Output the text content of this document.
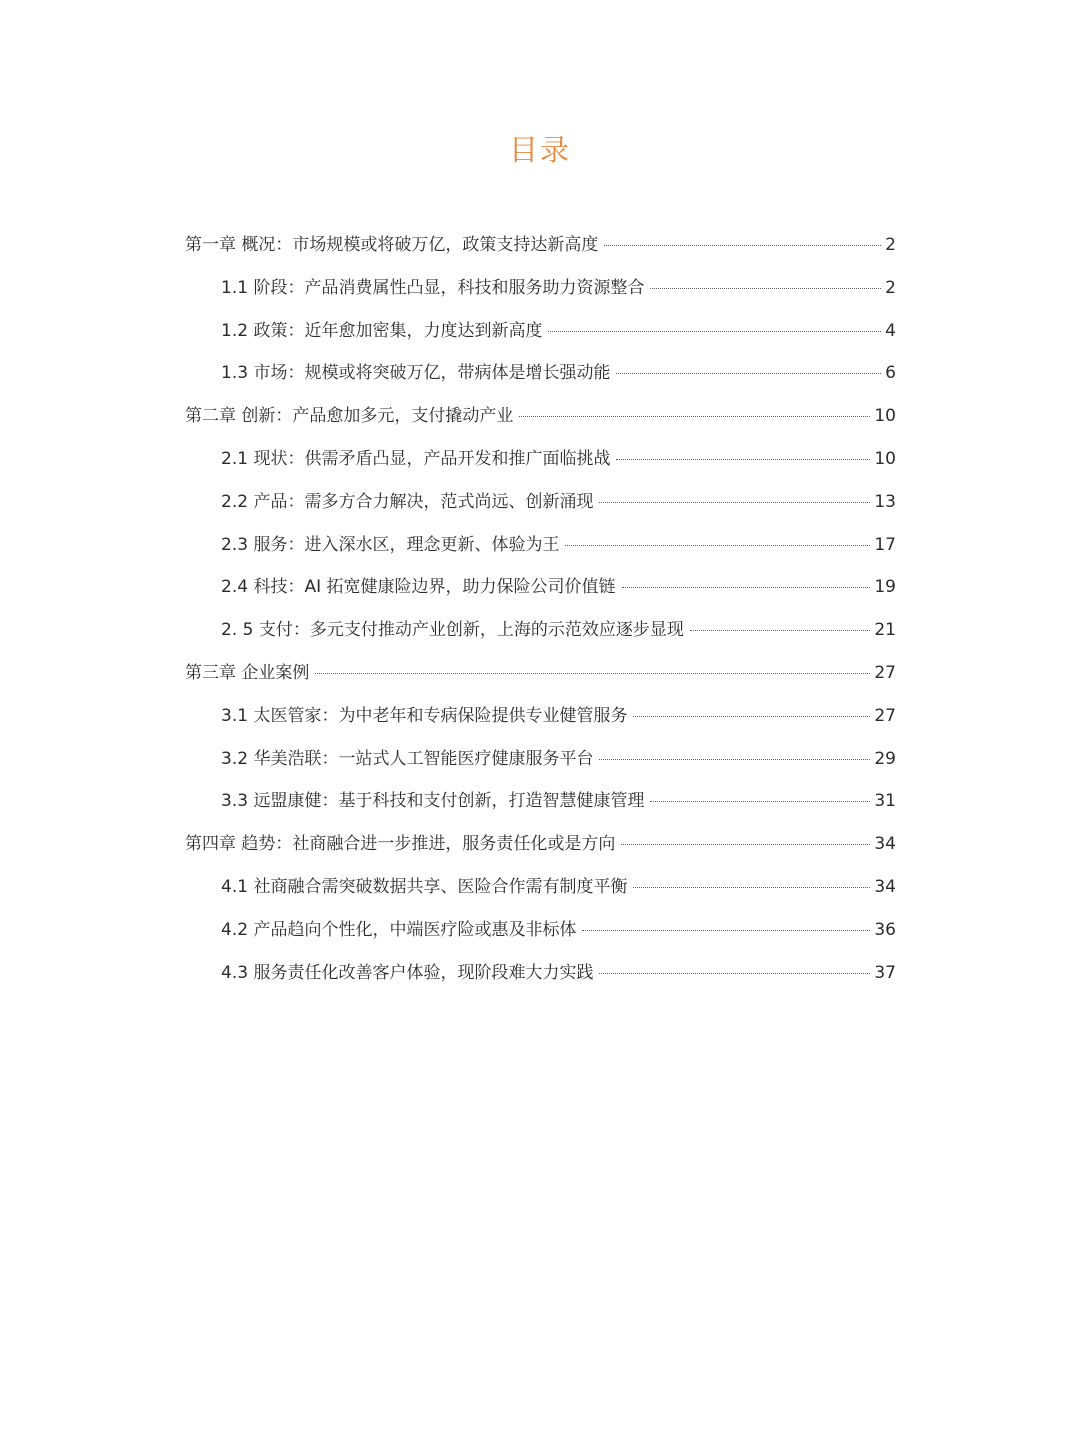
目录
第一章 概况：市场规模或将破万亿，政策支持达新高度	2
1.1 阶段：产品消费属性凸显，科技和服务助力资源整合	2
1.2 政策：近年愈加密集，力度达到新高度	4
1.3 市场：规模或将突破万亿，带病体是增长强动能	6
第二章 创新：产品愈加多元，支付撬动产业	10
2.1 现状：供需矛盾凸显，产品开发和推广面临挑战	10
2.2 产品：需多方合力解决，范式尚远、创新涌现	13
2.3 服务：进入深水区，理念更新、体验为王	17
2.4 科技：AI 拓宽健康险边界，助力保险公司价值链	19
2. 5 支付：多元支付推动产业创新，上海的示范效应逐步显现	21
第三章 企业案例	27
3.1 太医管家：为中老年和专病保险提供专业健管服务	27
3.2 华美浩联：一站式人工智能医疗健康服务平台	29
3.3 远盟康健：基于科技和支付创新，打造智慧健康管理	31
第四章 趋势：社商融合进一步推进，服务责任化或是方向	34
4.1 社商融合需突破数据共享、医险合作需有制度平衡	34
4.2 产品趋向个性化，中端医疗险或惠及非标体	36
4.3 服务责任化改善客户体验，现阶段难大力实践	37
